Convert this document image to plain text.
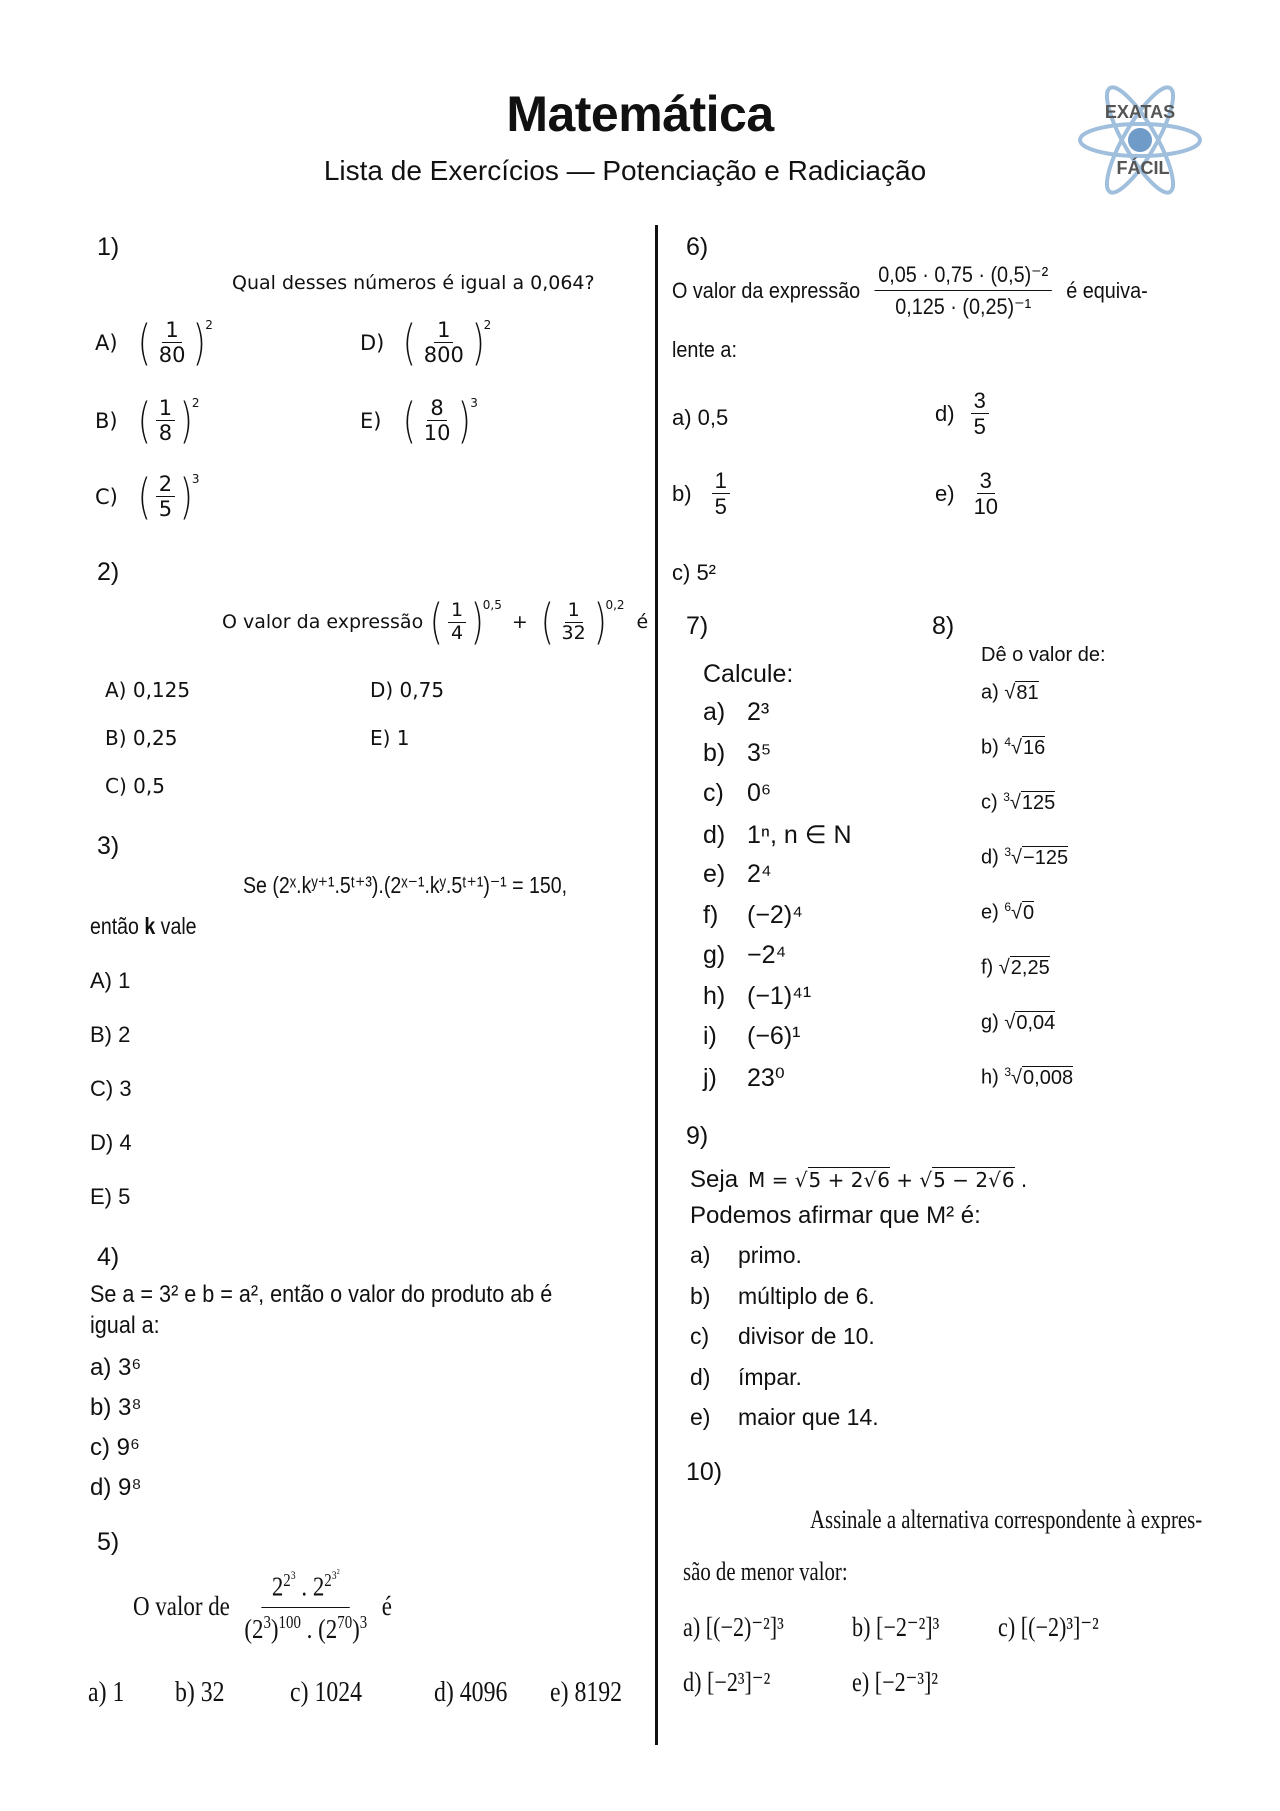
Matemática
Lista de Exercícios — Potenciação e Radiciação
EXATAS
FÁCIL
1)
Qual desses números é igual a 0,064?
A) ( $\frac{1}{80}$ )
2
D) ( $\frac{1}{800}$ )
2
B) ( $\frac{1}{8}$ )
2
E) ( $\frac{8}{10}$ )
3
C) ( $\frac{2}{5}$ )
3
2)
O valor da expressão ( $\frac{1}{4}$ )
0,5
+ ( $\frac{1}{32}$ )
0,2
é
A) 0,125	D) 0,75
B) 0,25	E) 1
C) 0,5
3)
Se (2ˣ.kʸ⁺¹.5ᵗ⁺³).(2ˣ⁻¹.kʸ.5ᵗ⁺¹)⁻¹ = 150,
então k vale
A) 1
B) 2
C) 3
D) 4
E) 5
4)
Se a = 3² e b = a², então o valor do produto ab é
igual a:
a) 3⁶
b) 3⁸
c) 9⁶
d) 9⁸
5)
O valor de $\frac{2^{2^3} . 2^{2^{3^2}}}{(2^3)^{100} . (2^{70})^3}$ é
a) 1 b) 32 c) 1024	d) 4096 e) 8192
6)
O valor da expressão $\frac{\text{0,05 · 0,75 · (0,5)⁻²}}{\text{0,125 · (0,25)⁻¹}}$ é equiva-
lente a:
a) 0,5	$d) \frac{3}{5}$
$b) \frac{1}{5}$	$e) \frac{3}{10}$
c) 5²
7)
Calcule:
a) 2³
b) 3⁵
c) 0⁶
d) 1ⁿ, n ∈ N
e) 2⁴
f) (−2)⁴
g) −2⁴
h) (−1)⁴¹
i) (−6)¹
j) 23⁰
8)
Dê o valor de:
a) √81
b) $^4$√16
c) $^3$√125
d) $^3$√−125
e) $^6$√0
f) √2,25
g) √0,04
h) $^3$√0,008
9)
Seja M = √5 + 2√6 + √5 − 2√6 .
Podemos afirmar que M² é:
a) primo.
b) múltiplo de 6.
c) divisor de 10.
d) ímpar.
e) maior que 14.
10)
Assinale a alternativa correspondente à expres-
são de menor valor:
a) [(−2)⁻²]³	b) [−2⁻²]³ c) [(−2)³]⁻²
d) [−2³]⁻²	e) [−2⁻³]²
